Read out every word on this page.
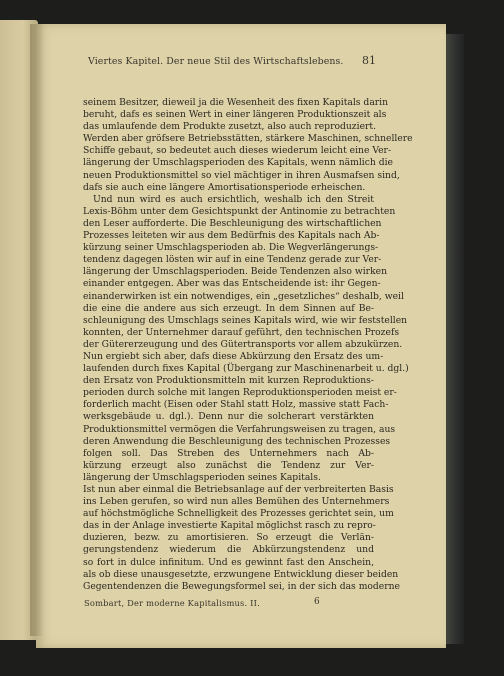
Viertes Kapitel. Der neue Stil des Wirtschaftslebens.	81
seinem Besitzer, dieweil ja die Wesenheit des fixen Kapitals darin
beruht, dafs es seinen Wert in einer längeren Produktionszeit als
das umlaufende dem Produkte zusetzt, also auch reproduziert.
Werden aber gröfsere Betriebsstätten, stärkere Maschinen, schnellere
Schiffe gebaut, so bedeutet auch dieses wiederum leicht eine Ver-
längerung der Umschlagsperioden des Kapitals, wenn nämlich die
neuen Produktionsmittel so viel mächtiger in ihren Ausmafsen sind,
dafs sie auch eine längere Amortisationsperiode erheischen.
Und nun wird es auch ersichtlich, weshalb ich den Streit
Lexis-Böhm unter dem Gesichtspunkt der Antinomie zu betrachten
den Leser aufforderte. Die Beschleunigung des wirtschaftlichen
Prozesses leiteten wir aus dem Bedürfnis des Kapitals nach Ab-
kürzung seiner Umschlagsperioden ab. Die Wegverlängerungs-
tendenz dagegen lösten wir auf in eine Tendenz gerade zur Ver-
längerung der Umschlagsperioden. Beide Tendenzen also wirken
einander entgegen. Aber was das Entscheidende ist: ihr Gegen-
einanderwirken ist ein notwendiges, ein „gesetzliches“ deshalb, weil
die eine die andere aus sich erzeugt. In dem Sinnen auf Be-
schleunigung des Umschlags seines Kapitals wird, wie wir feststellen
konnten, der Unternehmer darauf geführt, den technischen Prozefs
der Gütererzeugung und des Gütertransports vor allem abzukürzen.
Nun ergiebt sich aber, dafs diese Abkürzung den Ersatz des um-
laufenden durch fixes Kapital (Übergang zur Maschinenarbeit u. dgl.)
den Ersatz von Produktionsmitteln mit kurzen Reproduktions-
perioden durch solche mit langen Reproduktionsperioden meist er-
forderlich macht (Eisen oder Stahl statt Holz, massive statt Fach-
werksgebäude u. dgl.). Denn nur die solcherart verstärkten
Produktionsmittel vermögen die Verfahrungsweisen zu tragen, aus
deren Anwendung die Beschleunigung des technischen Prozesses
folgen soll. Das Streben des Unternehmers nach Ab-
kürzung erzeugt also zunächst die Tendenz zur Ver-
längerung der Umschlagsperioden seines Kapitals.
Ist nun aber einmal die Betriebsanlage auf der verbreiterten Basis
ins Leben gerufen, so wird nun alles Bemühen des Unternehmers
auf höchstmögliche Schnelligkeit des Prozesses gerichtet sein, um
das in der Anlage investierte Kapital möglichst rasch zu repro-
duzieren, bezw. zu amortisieren. So erzeugt die Verlän-
gerungstendenz wiederum die Abkürzungstendenz und
so fort in dulce infinitum. Und es gewinnt fast den Anschein,
als ob diese unausgesetzte, erzwungene Entwicklung dieser beiden
Gegentendenzen die Bewegungsformel sei, in der sich das moderne
Sombart, Der moderne Kapitalismus. II.	6
